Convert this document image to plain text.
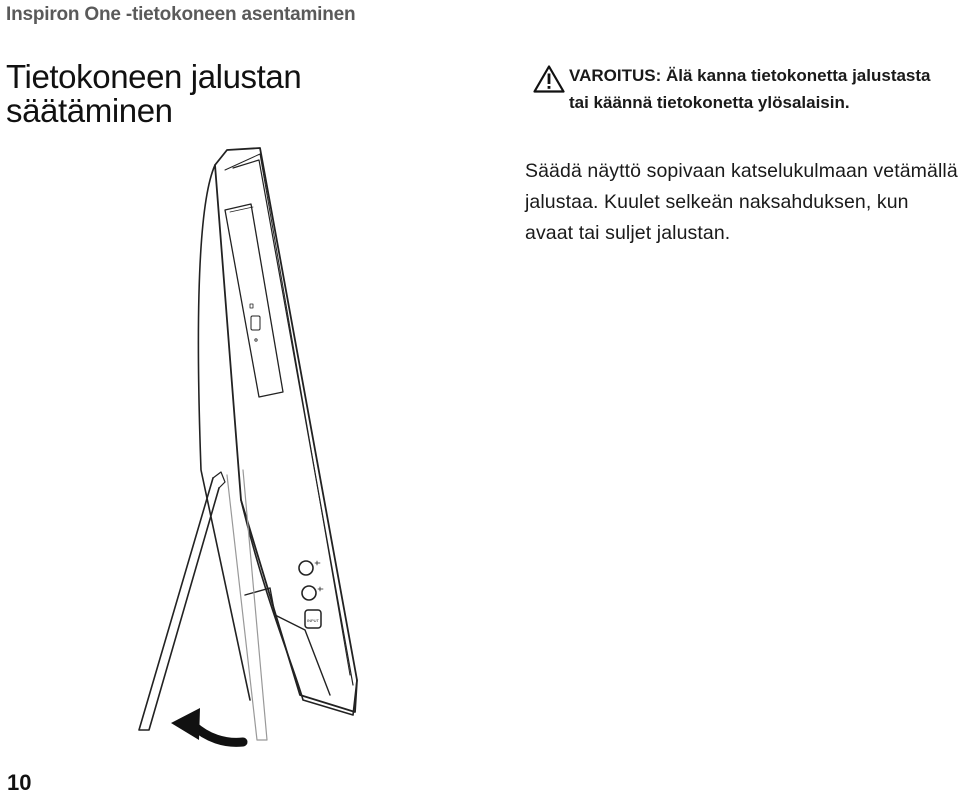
Inspiron One -tietokoneen asentaminen
Tietokoneen jalustan
säätäminen
VAROITUS: Älä kanna tietokonetta jalustasta tai käännä tietokonetta ylösalaisin.

Säädä näyttö sopivaan katselukulmaan vetämällä jalustaa. Kuulet selkeän naksahduksen, kun avaat tai suljet jalustan.

INPUT
10
